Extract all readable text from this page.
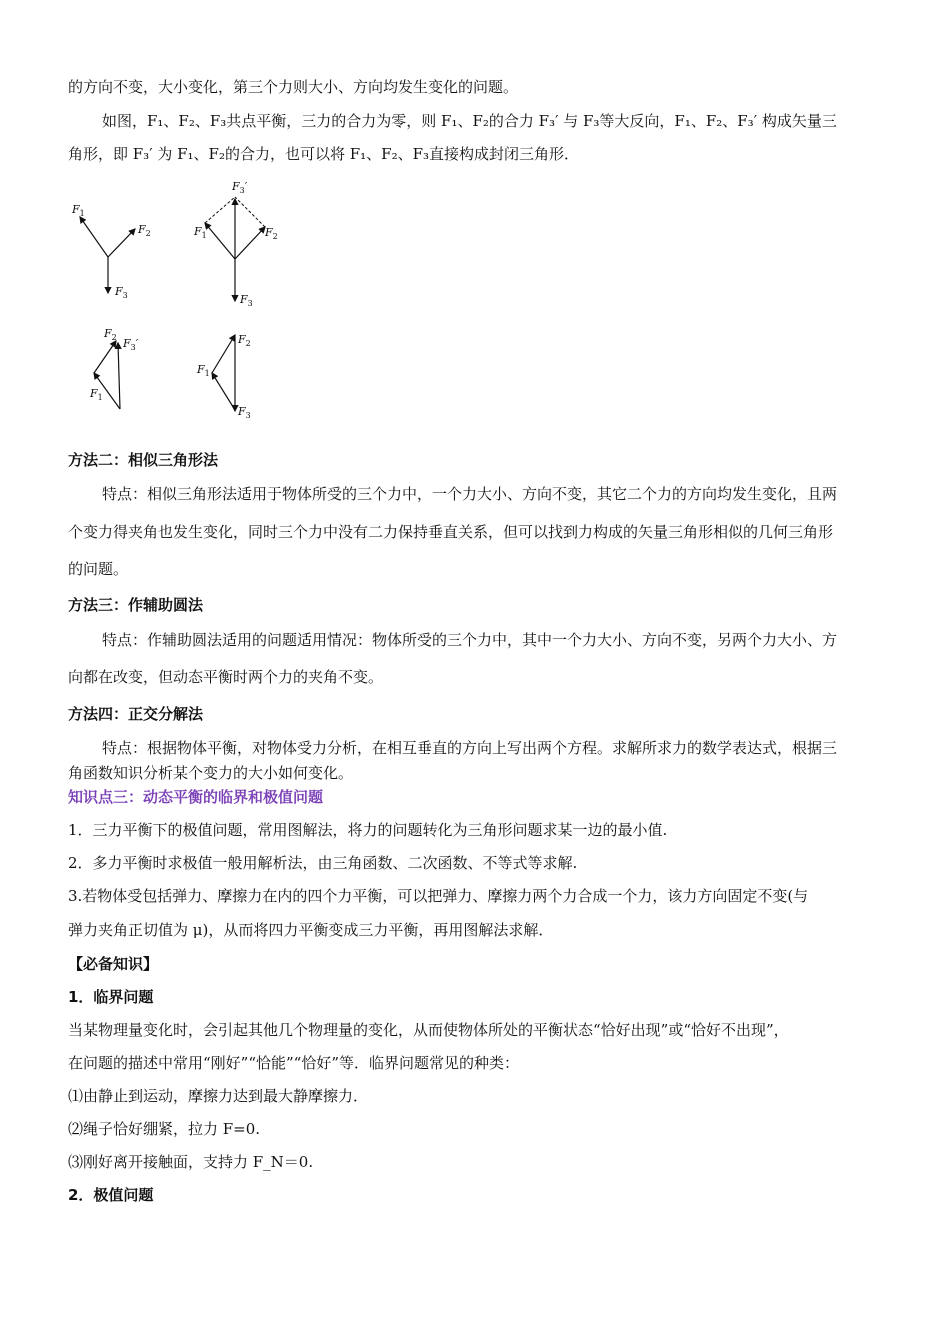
的方向不变，大小变化，第三个力则大小、方向均发生变化的问题。
如图，F₁、F₂、F₃共点平衡，三力的合力为零，则 F₁、F₂的合力 F₃′ 与 F₃等大反向，F₁、F₂、F₃′ 构成矢量三
角形，即 F₃′ 为 F₁、F₂的合力，也可以将 F₁、F₂、F₃直接构成封闭三角形．
$F_1$
$F_2$
$F_3$
$F_3'$
$F_1$	$F_2$
$F_3$
$F_2$ $F_3'$
$F_1$
$F_2$
$F_1$
$F_3$
方法二：相似三角形法
特点：相似三角形法适用于物体所受的三个力中，一个力大小、方向不变，其它二个力的方向均发生变化，且两
个变力得夹角也发生变化，同时三个力中没有二力保持垂直关系，但可以找到力构成的矢量三角形相似的几何三角形
的问题。
方法三：作辅助圆法
特点：作辅助圆法适用的问题适用情况：物体所受的三个力中，其中一个力大小、方向不变，另两个力大小、方
向都在改变，但动态平衡时两个力的夹角不变。
方法四：正交分解法
特点：根据物体平衡，对物体受力分析，在相互垂直的方向上写出两个方程。求解所求力的数学表达式，根据三
角函数知识分析某个变力的大小如何变化。
知识点三：动态平衡的临界和极值问题
1．三力平衡下的极值问题，常用图解法，将力的问题转化为三角形问题求某一边的最小值.
2．多力平衡时求极值一般用解析法，由三角函数、二次函数、不等式等求解.
3.若物体受包括弹力、摩擦力在内的四个力平衡，可以把弹力、摩擦力两个力合成一个力，该力方向固定不变(与
弹力夹角正切值为 μ)，从而将四力平衡变成三力平衡，再用图解法求解．
【必备知识】
1．临界问题
当某物理量变化时，会引起其他几个物理量的变化，从而使物体所处的平衡状态“恰好出现”或“恰好不出现”，
在问题的描述中常用“刚好”“恰能”“恰好”等．临界问题常见的种类：
⑴由静止到运动，摩擦力达到最大静摩擦力．
⑵绳子恰好绷紧，拉力 F=0.
⑶刚好离开接触面，支持力 F_N＝0.
2．极值问题
